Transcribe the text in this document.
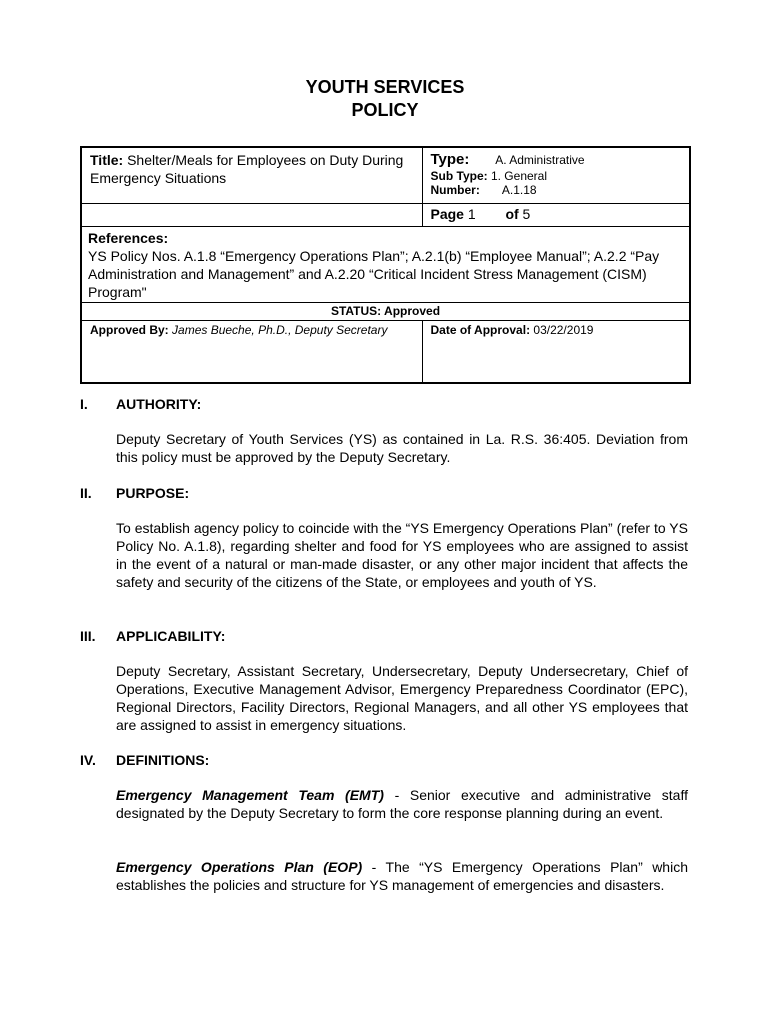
YOUTH SERVICES
POLICY
Title: Shelter/Meals for Employees on Duty During Emergency Situations	Type: A. Administrative
Sub Type: 1. General
Number: A.1.18

	Page 1 of 5

References:
YS Policy Nos. A.1.8 “Emergency Operations Plan”; A.2.1(b) “Employee Manual”; A.2.2 “Pay Administration and Management” and A.2.20 “Critical Incident Stress Management (CISM) Program"	

STATUS: Approved	
Approved By: James Bueche, Ph.D., Deputy Secretary	Date of Approval: 03/22/2019
I. AUTHORITY:
Deputy Secretary of Youth Services (YS) as contained in La. R.S. 36:405. Deviation from this policy must be approved by the Deputy Secretary.
II. PURPOSE:
To establish agency policy to coincide with the “YS Emergency Operations Plan” (refer to YS Policy No. A.1.8), regarding shelter and food for YS employees who are assigned to assist in the event of a natural or man-made disaster, or any other major incident that affects the safety and security of the citizens of the State, or employees and youth of YS.
III. APPLICABILITY:
Deputy Secretary, Assistant Secretary, Undersecretary, Deputy Undersecretary, Chief of Operations, Executive Management Advisor, Emergency Preparedness Coordinator (EPC), Regional Directors, Facility Directors, Regional Managers, and all other YS employees that are assigned to assist in emergency situations.
IV. DEFINITIONS:
Emergency Management Team (EMT) - Senior executive and administrative staff designated by the Deputy Secretary to form the core response planning during an event.
Emergency Operations Plan (EOP) - The “YS Emergency Operations Plan” which establishes the policies and structure for YS management of emergencies and disasters.
